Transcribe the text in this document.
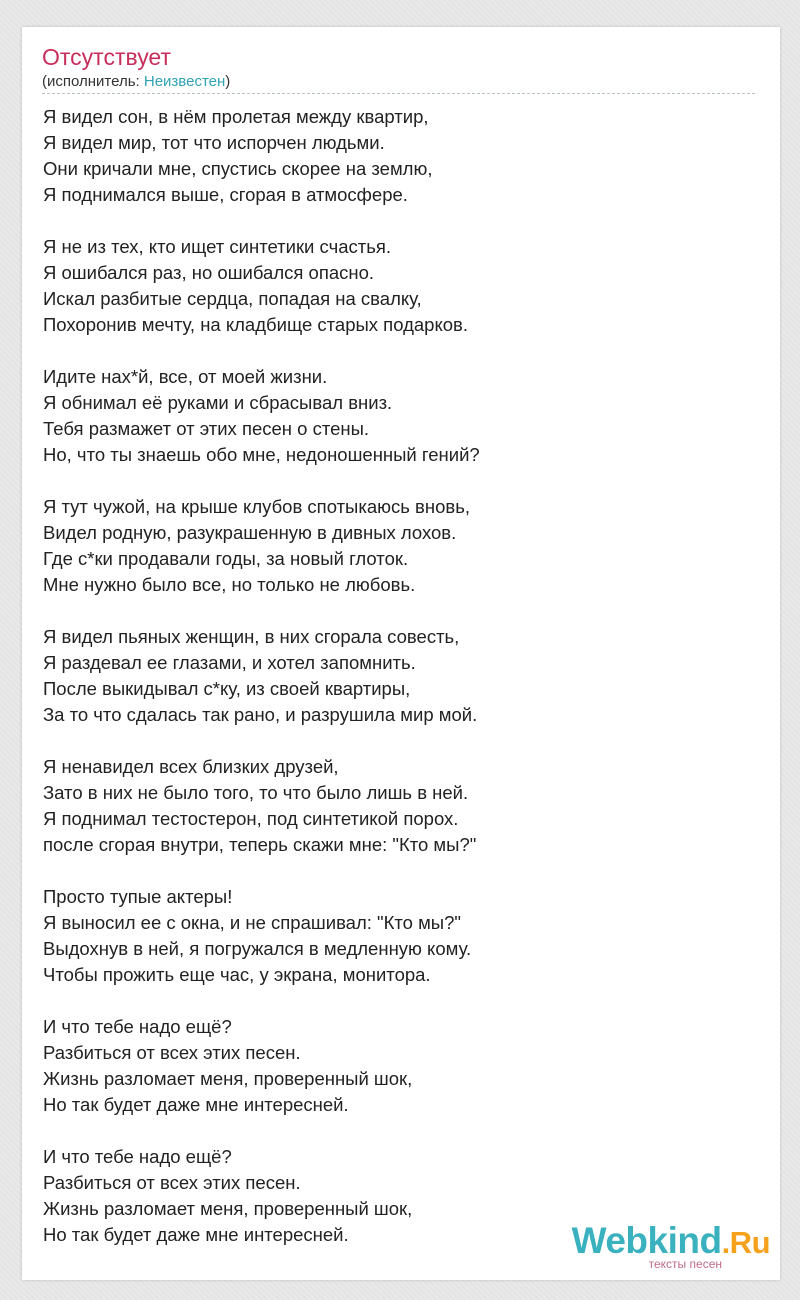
Отсутствует
(исполнитель: Неизвестен)
Я видел сон, в нём пролетая между квартир,
Я видел мир, тот что испорчен людьми.
Они кричали мне, спустись скорее на землю,
Я поднимался выше, сгорая в атмосфере.
Я не из тех, кто ищет синтетики счастья.
Я ошибался раз, но ошибался опасно.
Искал разбитые сердца, попадая на свалку,
Похоронив мечту, на кладбище старых подарков.
Идите нах*й, все, от моей жизни.
Я обнимал её руками и сбрасывал вниз.
Тебя размажет от этих песен о стены.
Но, что ты знаешь обо мне, недоношенный гений?
Я тут чужой, на крыше клубов спотыкаюсь вновь,
Видел родную, разукрашенную в дивных лохов.
Где с*ки продавали годы, за новый глоток.
Мне нужно было все, но только не любовь.
Я видел пьяных женщин, в них сгорала совесть,
Я раздевал ее глазами, и хотел запомнить.
После выкидывал с*ку, из своей квартиры,
За то что сдалась так рано, и разрушила мир мой.
Я ненавидел всех близких друзей,
Зато в них не было того, то что было лишь в ней.
Я поднимал тестостерон, под синтетикой порох.
после сгорая внутри, теперь скажи мне: "Кто мы?"
Просто тупые актеры!
Я выносил ее с окна, и не спрашивал: "Кто мы?"
Выдохнув в ней, я погружался в медленную кому.
Чтобы прожить еще час, у экрана, монитора.
И что тебе надо ещё?
Разбиться от всех этих песен.
Жизнь разломает меня, проверенный шок,
Но так будет даже мне интересней.
И что тебе надо ещё?
Разбиться от всех этих песен.
Жизнь разломает меня, проверенный шок,
Но так будет даже мне интересней.	Webkind.Ru
тексты песен
